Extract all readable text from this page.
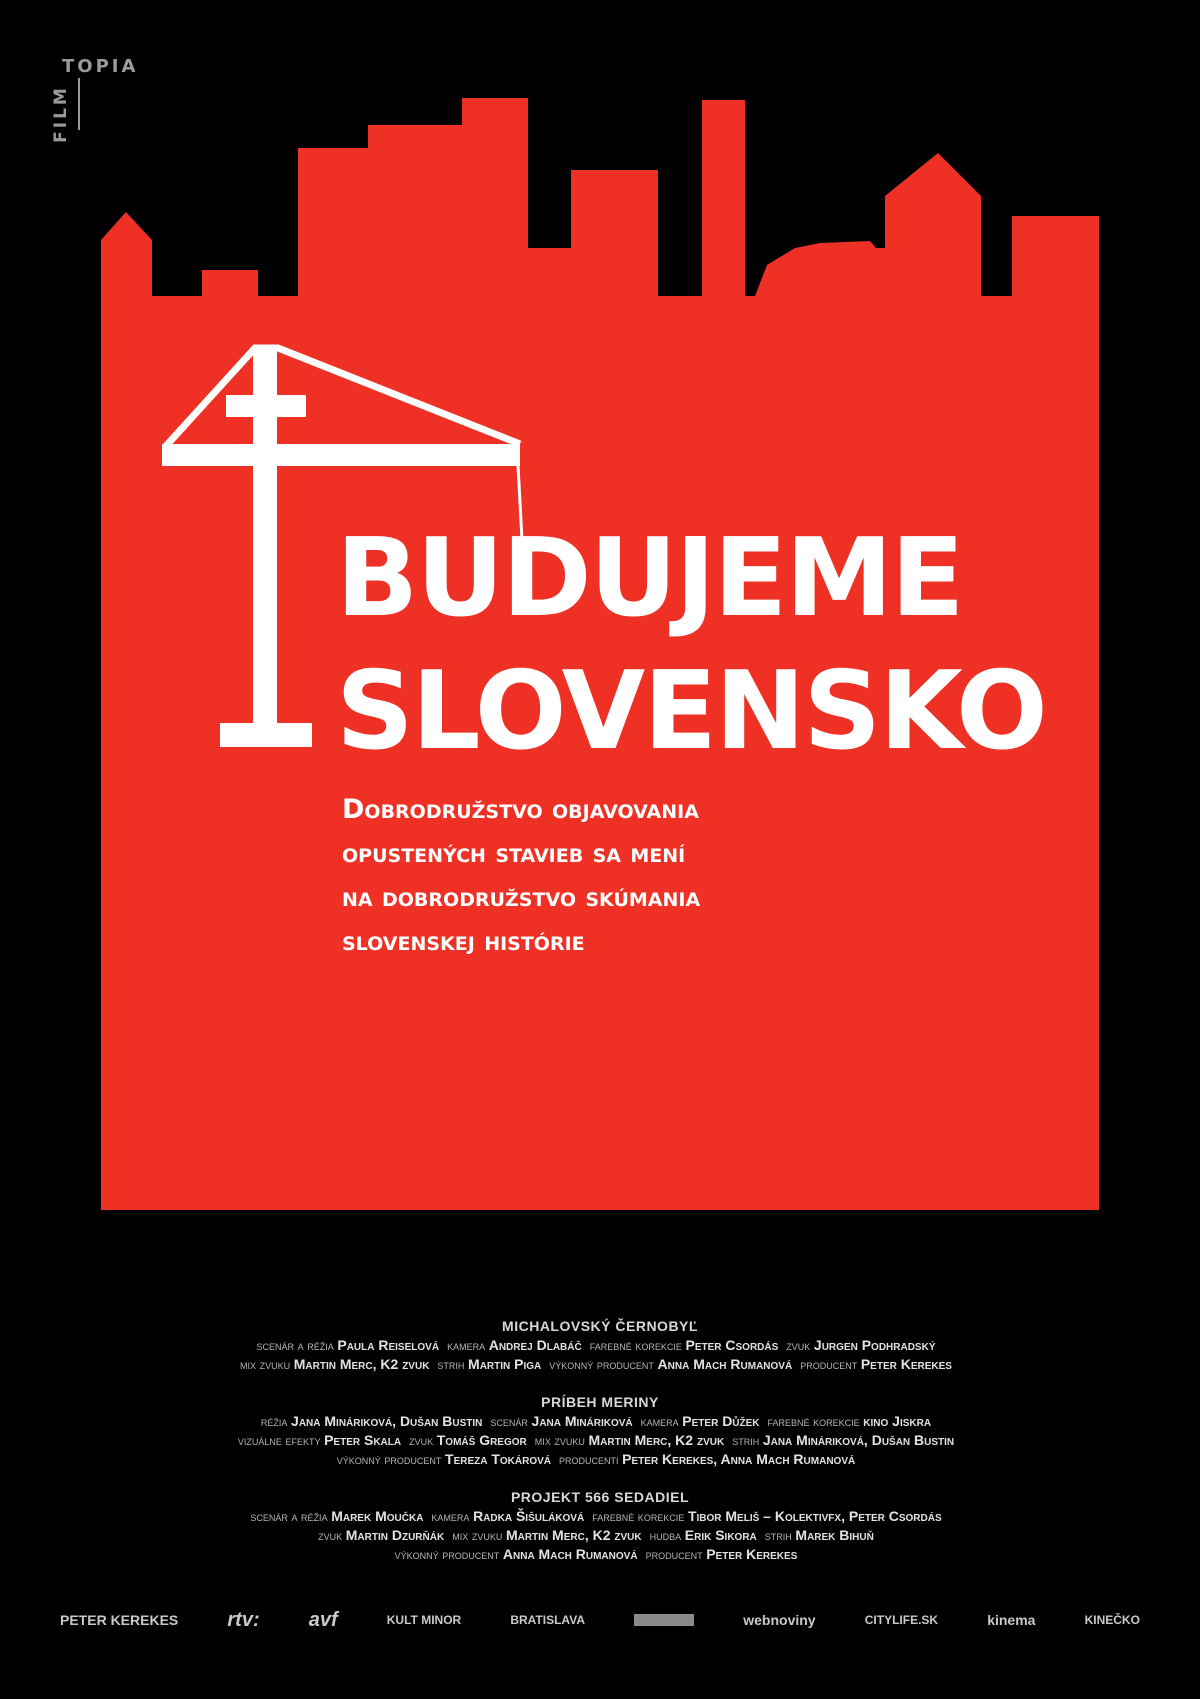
TOPIA
FILM
BUDUJEME
SLOVENSKO
Dobrodružstvo objavovania
opustených stavieb sa mení
na dobrodružstvo skúmania
slovenskej histórie
MICHALOVSKÝ ČERNOBYĽ
scenár a réžia Paula Reiselová kamera Andrej Dlabáč farebné korekcie Peter Csordás zvuk Jurgen Podhradský
mix zvuku Martin Merc, K2 zvuk strih Martin Piga výkonný producent Anna Mach Rumanová producent Peter Kerekes
PRÍBEH MERINY
réžia Jana Mináriková, Dušan Bustin scenár Jana Mináriková kamera Peter Důžek farebné korekcie kino Jiskra
vizuálne efekty Peter Skala zvuk Tomáš Gregor mix zvuku Martin Merc, K2 zvuk strih Jana Mináriková, Dušan Bustin
výkonný producent Tereza Tokárová producenti Peter Kerekes, Anna Mach Rumanová
PROJEKT 566 SEDADIEL
scenár a réžia Marek Moučka kamera Radka Šišuláková farebné korekcie Tibor Meliš – Kolektivfx, Peter Csordás
zvuk Martin Dzurňák mix zvuku Martin Merc, K2 zvuk hudba Erik Sikora strih Marek Bihuň
výkonný producent Anna Mach Rumanová producent Peter Kerekes
PETER KEREKES rtv: avf	KULT MINOR	BRATISLAVA	webnoviny	CITYLIFE.SK	kinema	KINEČKO
